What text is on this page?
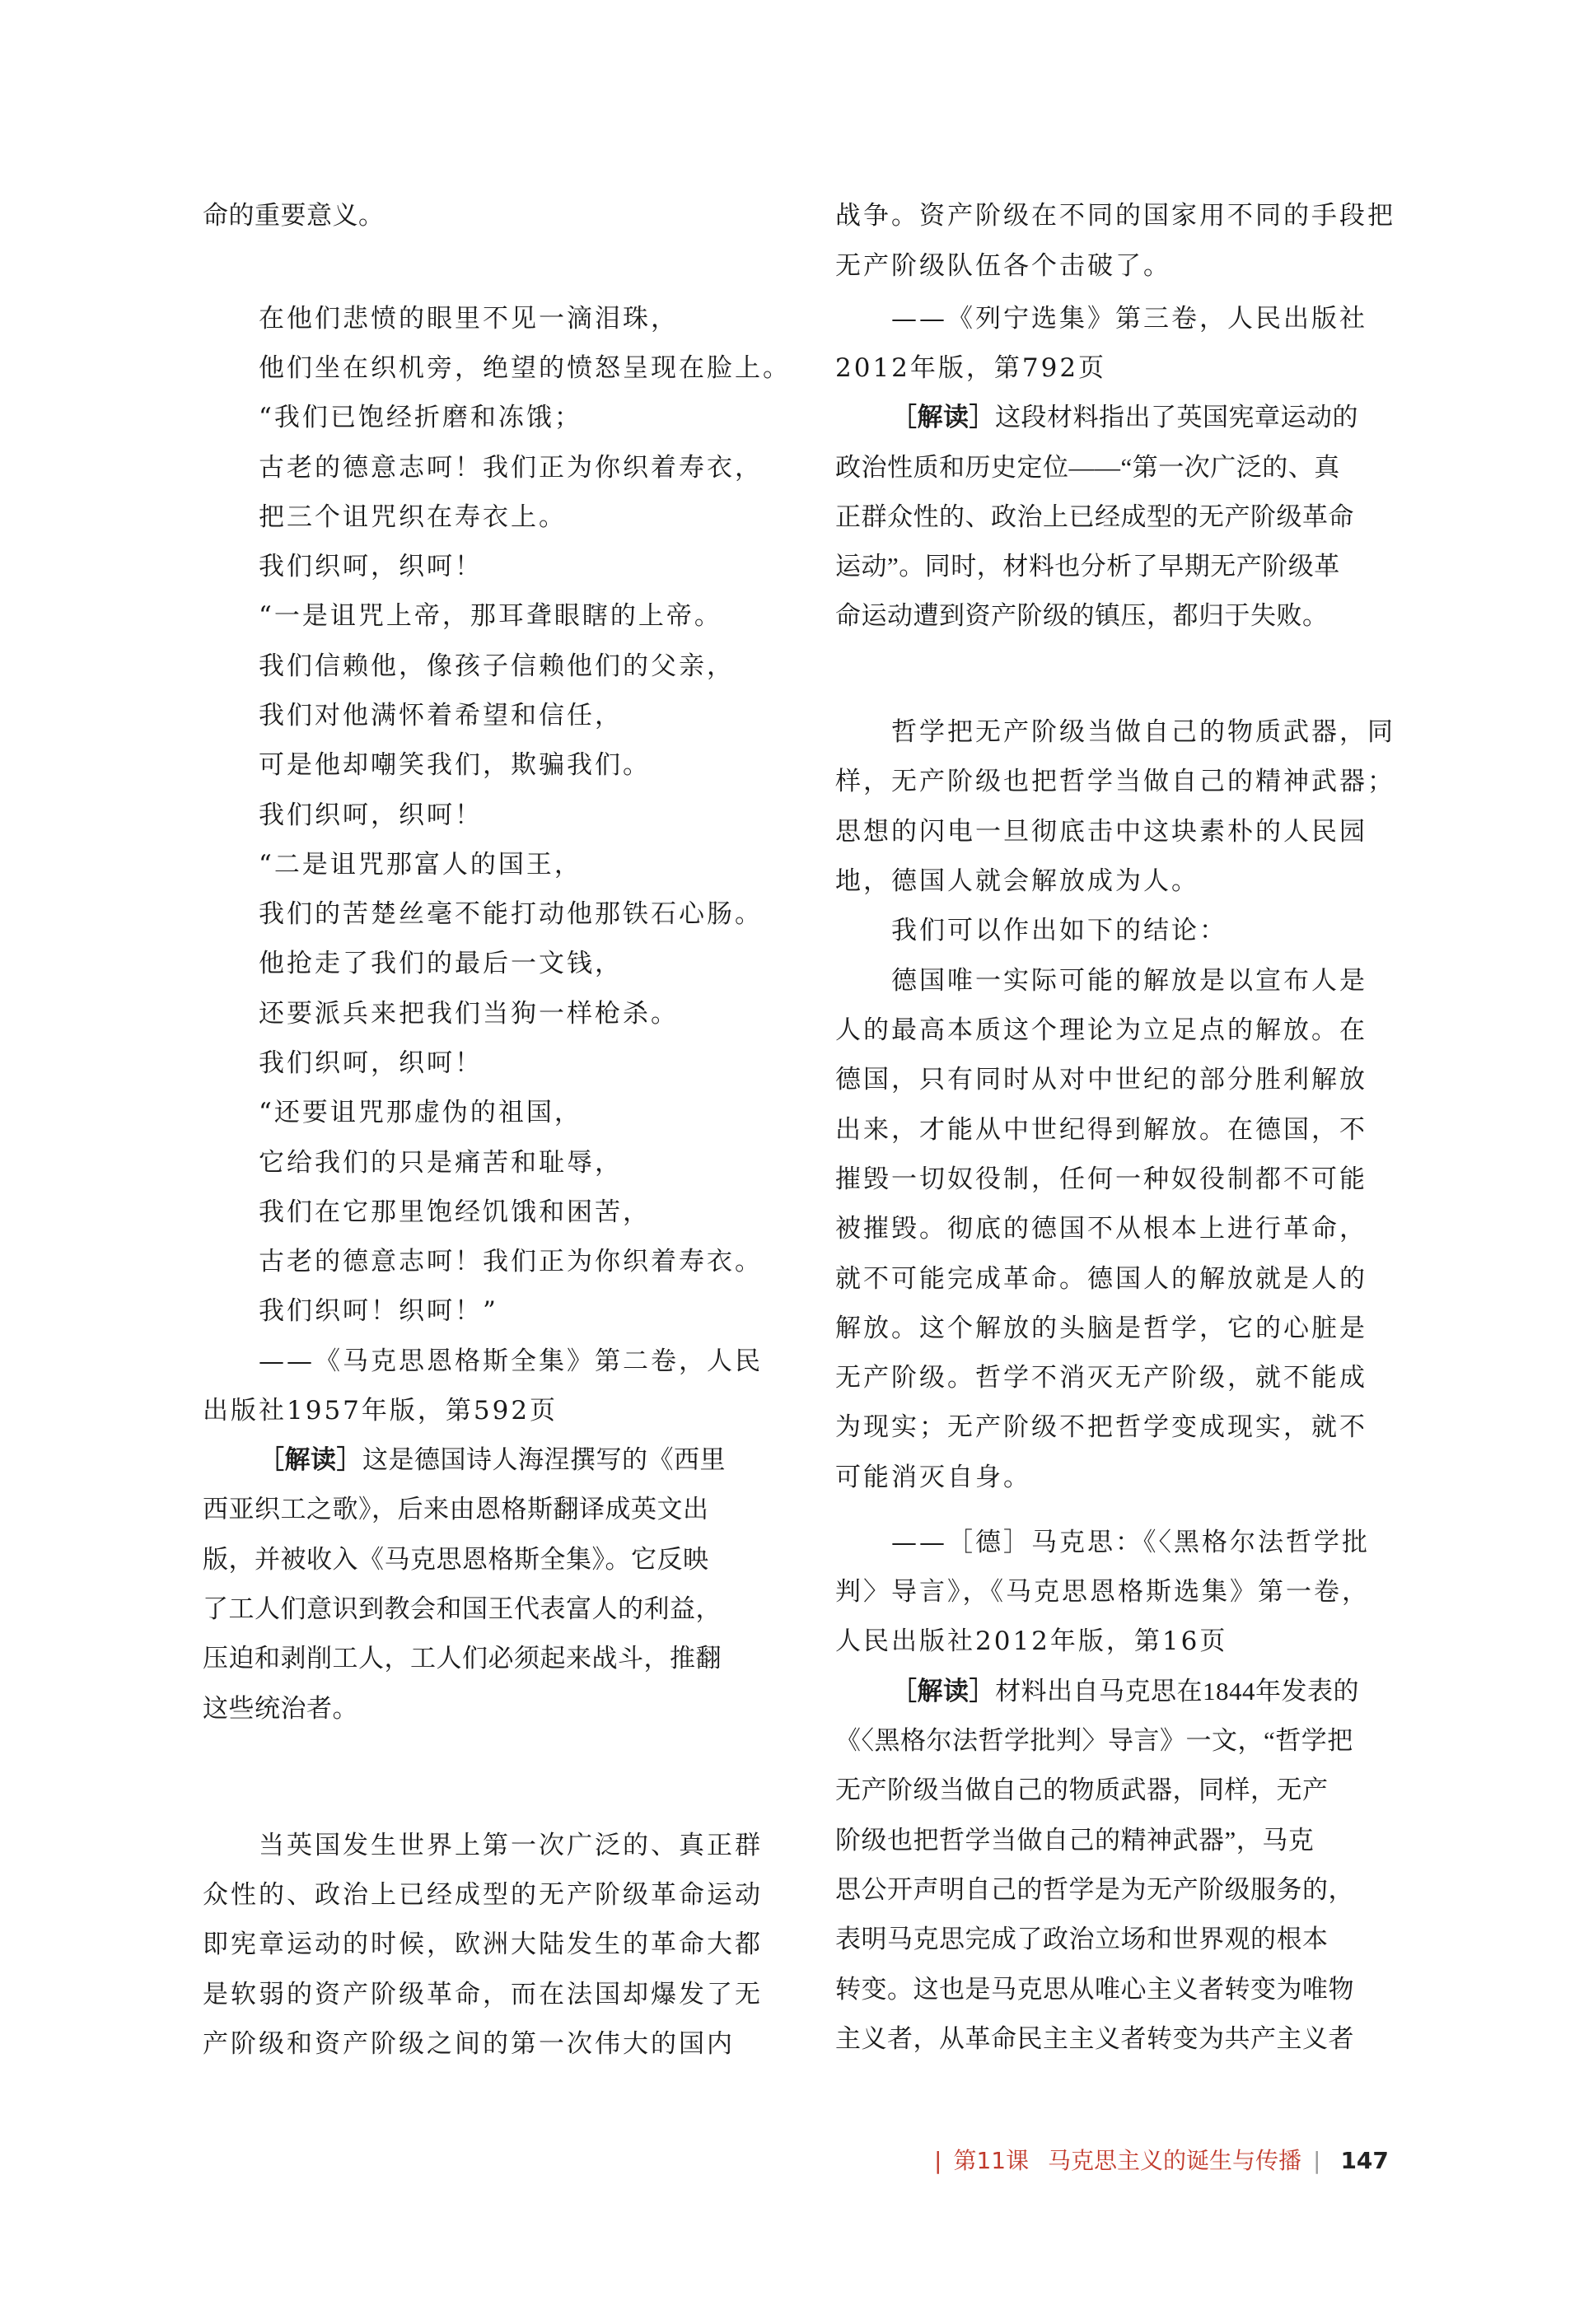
命的重要意义。
在他们悲愤的眼里不见一滴泪珠，
他们坐在织机旁，绝望的愤怒呈现在脸上。
“我们已饱经折磨和冻饿；
古老的德意志呵！我们正为你织着寿衣，
把三个诅咒织在寿衣上。
我们织呵，织呵！
“一是诅咒上帝，那耳聋眼瞎的上帝。
我们信赖他，像孩子信赖他们的父亲，
我们对他满怀着希望和信任，
可是他却嘲笑我们，欺骗我们。
我们织呵，织呵！
“二是诅咒那富人的国王，
我们的苦楚丝毫不能打动他那铁石心肠。
他抢走了我们的最后一文钱，
还要派兵来把我们当狗一样枪杀。
我们织呵，织呵！
“还要诅咒那虚伪的祖国，
它给我们的只是痛苦和耻辱，
我们在它那里饱经饥饿和困苦，
古老的德意志呵！我们正为你织着寿衣。
我们织呵！织呵！”
——《马克思恩格斯全集》第二卷，人民
出版社1957年版，第592页
［解读］这是德国诗人海涅撰写的《西里
西亚织工之歌》，后来由恩格斯翻译成英文出
版，并被收入《马克思恩格斯全集》。它反映
了工人们意识到教会和国王代表富人的利益，
压迫和剥削工人，工人们必须起来战斗，推翻
这些统治者。
当英国发生世界上第一次广泛的、真正群
众性的、政治上已经成型的无产阶级革命运动
即宪章运动的时候，欧洲大陆发生的革命大都
是软弱的资产阶级革命，而在法国却爆发了无
产阶级和资产阶级之间的第一次伟大的国内
战争。资产阶级在不同的国家用不同的手段把
无产阶级队伍各个击破了。
——《列宁选集》第三卷，人民出版社
2012年版，第792页
［解读］这段材料指出了英国宪章运动的
政治性质和历史定位——“第一次广泛的、真
正群众性的、政治上已经成型的无产阶级革命
运动”。同时，材料也分析了早期无产阶级革
命运动遭到资产阶级的镇压，都归于失败。
哲学把无产阶级当做自己的物质武器，同
样，无产阶级也把哲学当做自己的精神武器；
思想的闪电一旦彻底击中这块素朴的人民园
地，德国人就会解放成为人。
我们可以作出如下的结论：
德国唯一实际可能的解放是以宣布人是
人的最高本质这个理论为立足点的解放。在
德国，只有同时从对中世纪的部分胜利解放
出来，才能从中世纪得到解放。在德国，不
摧毁一切奴役制，任何一种奴役制都不可能
被摧毁。彻底的德国不从根本上进行革命，
就不可能完成革命。德国人的解放就是人的
解放。这个解放的头脑是哲学，它的心脏是
无产阶级。哲学不消灭无产阶级，就不能成
为现实；无产阶级不把哲学变成现实，就不
可能消灭自身。
——［德］马克思：《〈黑格尔法哲学批
判〉导言》，《马克思恩格斯选集》第一卷，
人民出版社2012年版，第16页
［解读］材料出自马克思在1844年发表的
《〈黑格尔法哲学批判〉导言》一文，“哲学把
无产阶级当做自己的物质武器，同样，无产
阶级也把哲学当做自己的精神武器”，马克
思公开声明自己的哲学是为无产阶级服务的，
表明马克思完成了政治立场和世界观的根本
转变。这也是马克思从唯心主义者转变为唯物
主义者，从革命民主主义者转变为共产主义者
| 第11课 马克思主义的诞生与传播 | 147
